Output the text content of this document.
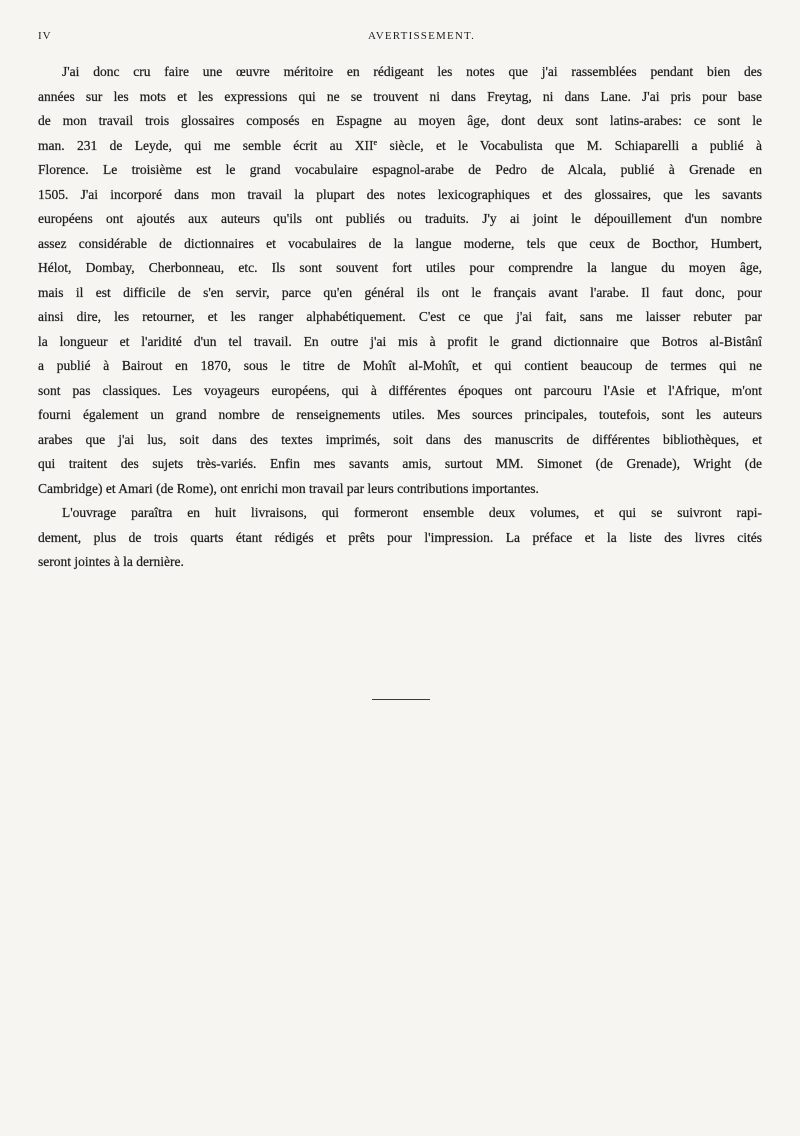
IV	AVERTISSEMENT.
J'ai donc cru faire une œuvre méritoire en rédigeant les notes que j'ai rassemblées pendant bien des
années sur les mots et les expressions qui ne se trouvent ni dans Freytag, ni dans Lane. J'ai pris pour base
de mon travail trois glossaires composés en Espagne au moyen âge, dont deux sont latins-arabes: ce sont le
man. 231 de Leyde, qui me semble écrit au XIIe siècle, et le Vocabulista que M. Schiaparelli a publié à
Florence. Le troisième est le grand vocabulaire espagnol-arabe de Pedro de Alcala, publié à Grenade en
1505. J'ai incorporé dans mon travail la plupart des notes lexicographiques et des glossaires, que les savants
européens ont ajoutés aux auteurs qu'ils ont publiés ou traduits. J'y ai joint le dépouillement d'un nombre
assez considérable de dictionnaires et vocabulaires de la langue moderne, tels que ceux de Bocthor, Humbert,
Hélot, Dombay, Cherbonneau, etc. Ils sont souvent fort utiles pour comprendre la langue du moyen âge,
mais il est difficile de s'en servir, parce qu'en général ils ont le français avant l'arabe. Il faut donc, pour
ainsi dire, les retourner, et les ranger alphabétiquement. C'est ce que j'ai fait, sans me laisser rebuter par
la longueur et l'aridité d'un tel travail. En outre j'ai mis à profit le grand dictionnaire que Botros al-Bistânî
a publié à Bairout en 1870, sous le titre de Mohît al-Mohît, et qui contient beaucoup de termes qui ne
sont pas classiques. Les voyageurs européens, qui à différentes époques ont parcouru l'Asie et l'Afrique, m'ont
fourni également un grand nombre de renseignements utiles. Mes sources principales, toutefois, sont les auteurs
arabes que j'ai lus, soit dans des textes imprimés, soit dans des manuscrits de différentes bibliothèques, et
qui traitent des sujets très-variés. Enfin mes savants amis, surtout MM. Simonet (de Grenade), Wright (de
Cambridge) et Amari (de Rome), ont enrichi mon travail par leurs contributions importantes.
L'ouvrage paraîtra en huit livraisons, qui formeront ensemble deux volumes, et qui se suivront rapi-
dement, plus de trois quarts étant rédigés et prêts pour l'impression. La préface et la liste des livres cités
seront jointes à la dernière.
